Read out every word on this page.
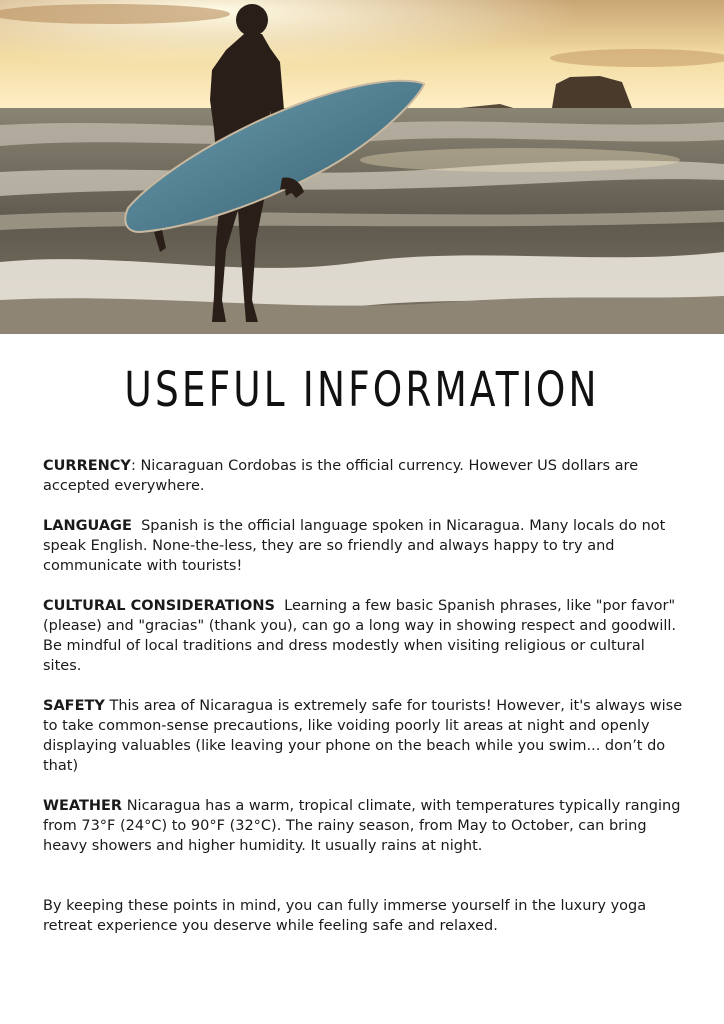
USEFUL INFORMATION

CURRENCY: Nicaraguan Cordobas is the official currency. However US dollars are accepted everywhere.

LANGUAGE Spanish is the official language spoken in Nicaragua. Many locals do not speak English. None-the-less, they are so friendly and always happy to try and communicate with tourists!

CULTURAL CONSIDERATIONS Learning a few basic Spanish phrases, like "por favor" (please) and "gracias" (thank you), can go a long way in showing respect and goodwill. Be mindful of local traditions and dress modestly when visiting religious or cultural sites.

SAFETY This area of Nicaragua is extremely safe for tourists! However, it's always wise to take common-sense precautions, like voiding poorly lit areas at night and openly displaying valuables (like leaving your phone on the beach while you swim... don’t do that)

WEATHER Nicaragua has a warm, tropical climate, with temperatures typically ranging from 73°F (24°C) to 90°F (32°C). The rainy season, from May to October, can bring heavy showers and higher humidity. It usually rains at night.

By keeping these points in mind, you can fully immerse yourself in the luxury yoga retreat experience you deserve while feeling safe and relaxed.
